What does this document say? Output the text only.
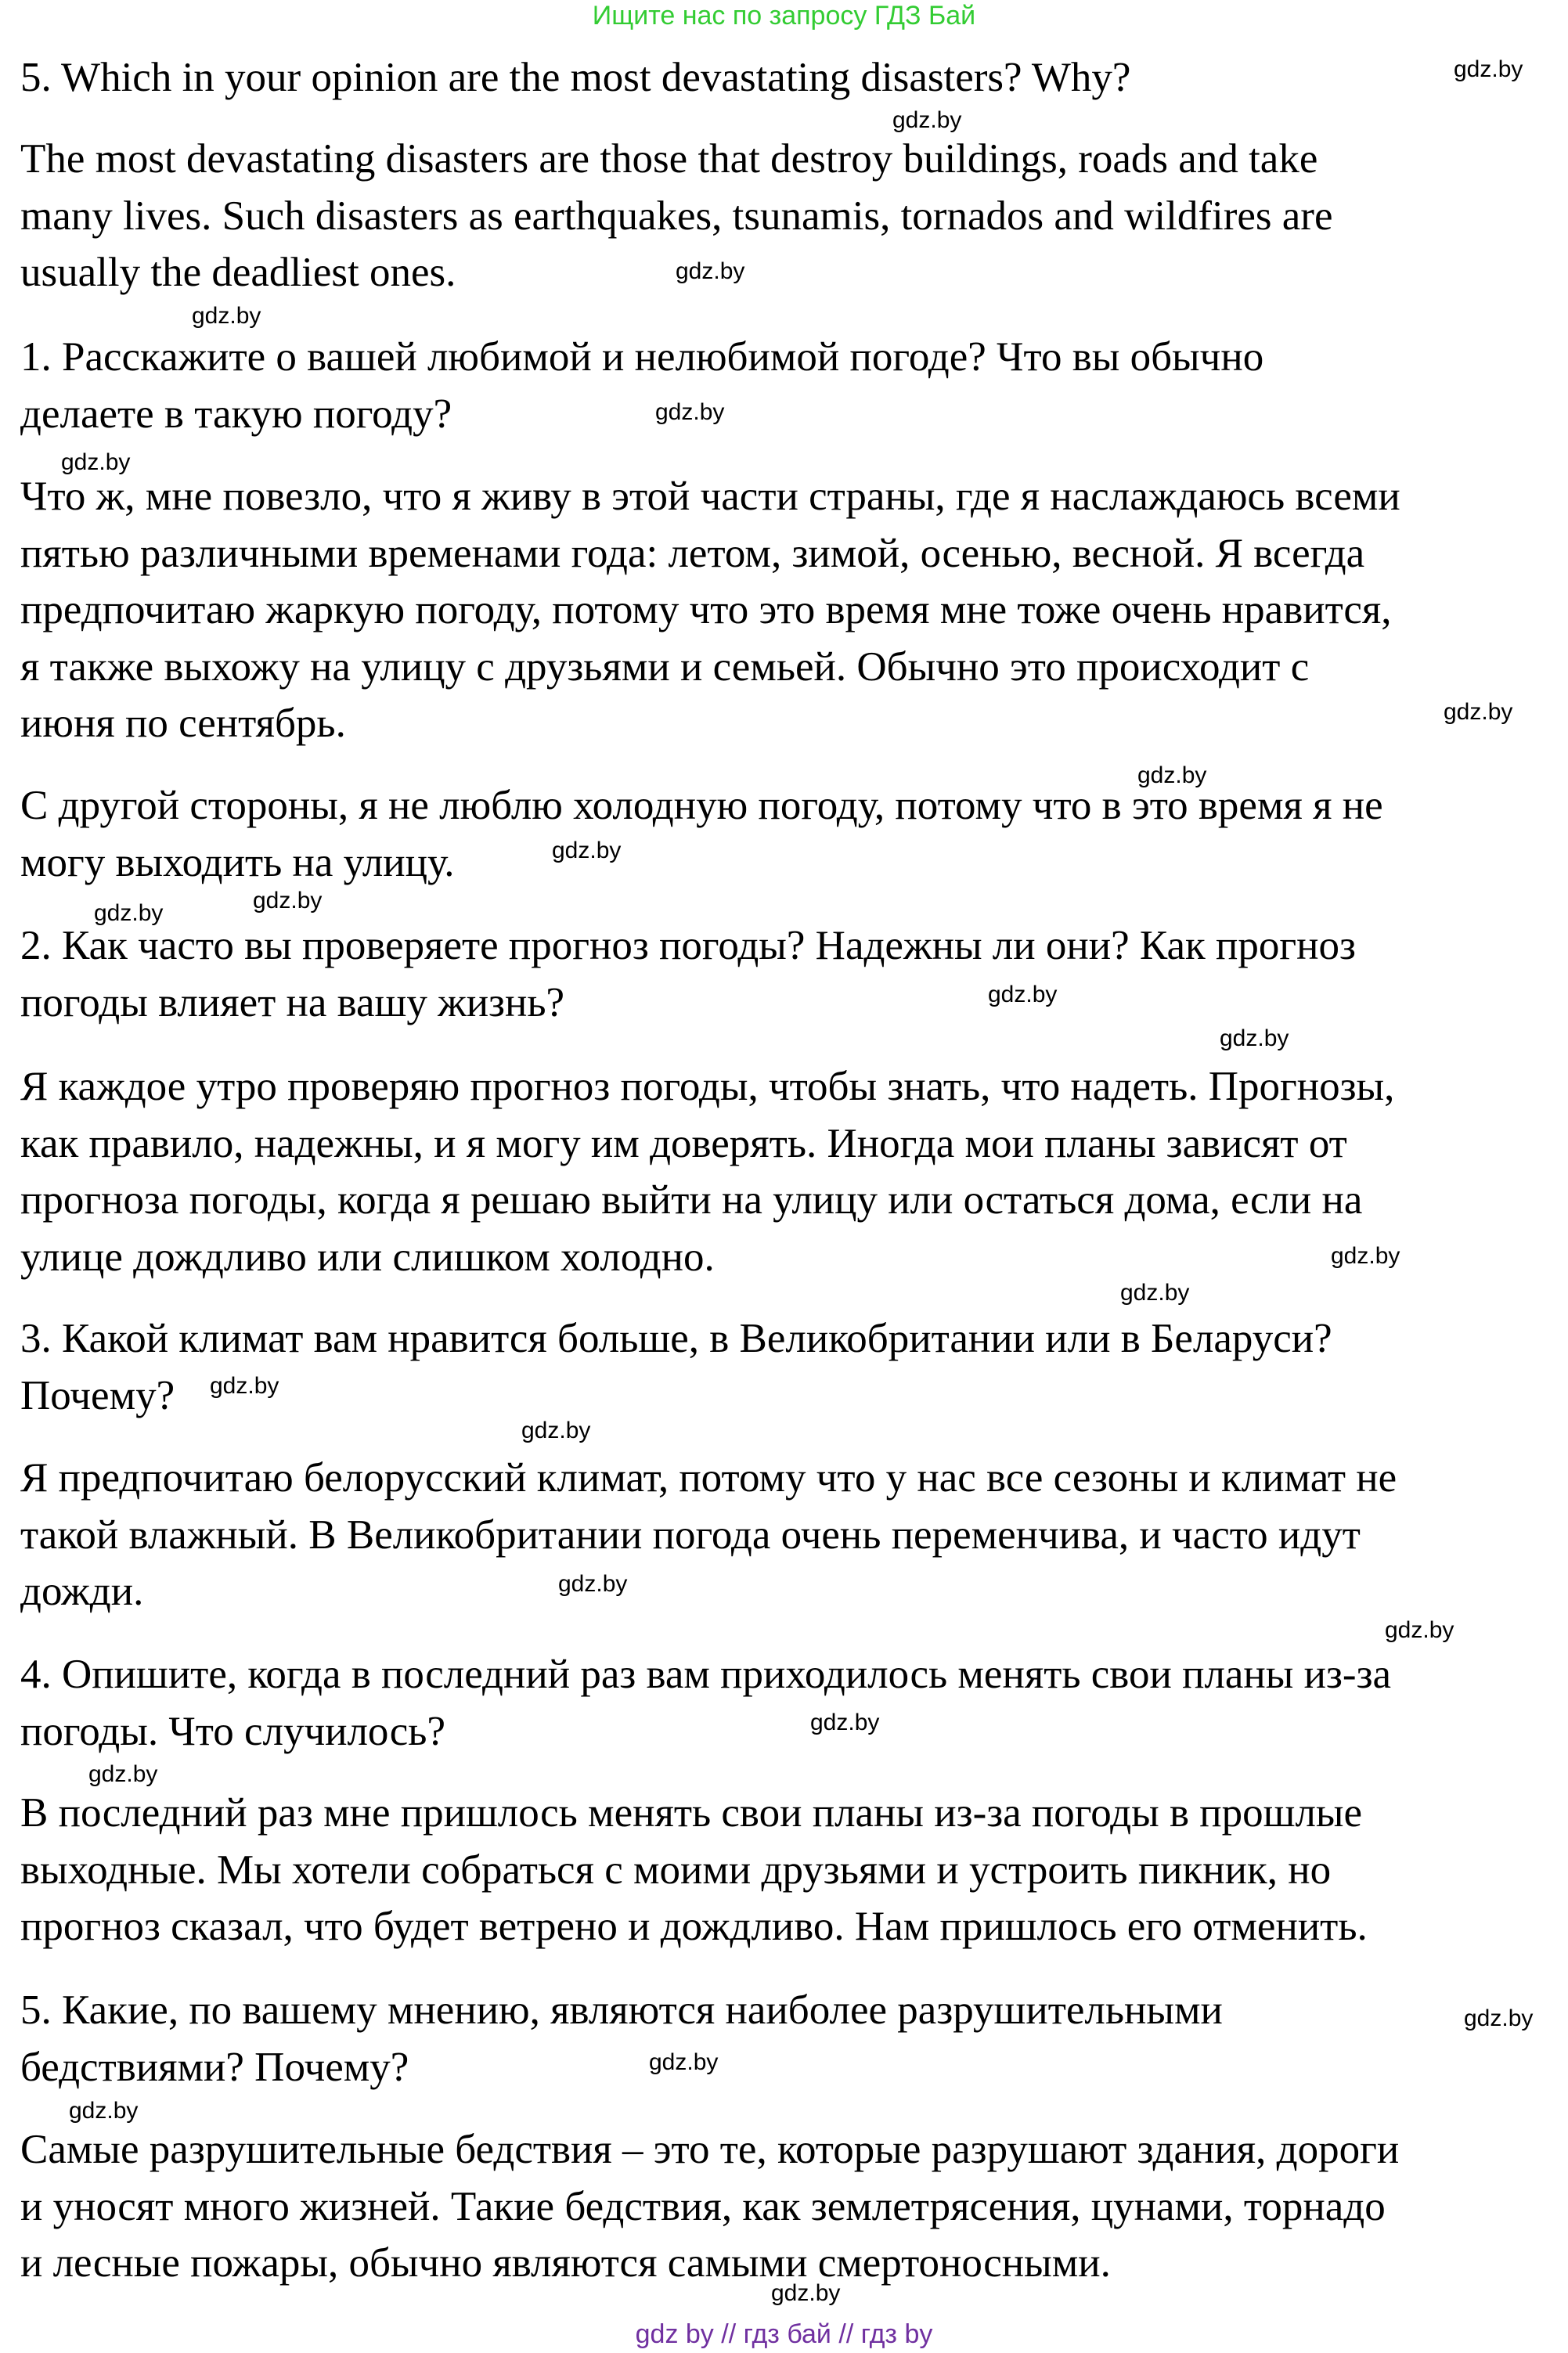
Ищите нас по запросу ГДЗ Бай
5. Which in your opinion are the most devastating disasters? Why?
The most devastating disasters are those that destroy buildings, roads and take
many lives. Such disasters as earthquakes, tsunamis, tornados and wildfires are
usually the deadliest ones.
1. Расскажите о вашей любимой и нелюбимой погоде? Что вы обычно
делаете в такую погоду?
Что ж, мне повезло, что я живу в этой части страны, где я наслаждаюсь всеми
пятью различными временами года: летом, зимой, осенью, весной. Я всегда
предпочитаю жаркую погоду, потому что это время мне тоже очень нравится,
я также выхожу на улицу с друзьями и семьей. Обычно это происходит с
июня по сентябрь.
С другой стороны, я не люблю холодную погоду, потому что в это время я не
могу выходить на улицу.
2. Как часто вы проверяете прогноз погоды? Надежны ли они? Как прогноз
погоды влияет на вашу жизнь?
Я каждое утро проверяю прогноз погоды, чтобы знать, что надеть. Прогнозы,
как правило, надежны, и я могу им доверять. Иногда мои планы зависят от
прогноза погоды, когда я решаю выйти на улицу или остаться дома, если на
улице дождливо или слишком холодно.
3. Какой климат вам нравится больше, в Великобритании или в Беларуси?
Почему?
Я предпочитаю белорусский климат, потому что у нас все сезоны и климат не
такой влажный. В Великобритании погода очень переменчива, и часто идут
дожди.
4. Опишите, когда в последний раз вам приходилось менять свои планы из-за
погоды. Что случилось?
В последний раз мне пришлось менять свои планы из-за погоды в прошлые
выходные. Мы хотели собраться с моими друзьями и устроить пикник, но
прогноз сказал, что будет ветрено и дождливо. Нам пришлось его отменить.
5. Какие, по вашему мнению, являются наиболее разрушительными
бедствиями? Почему?
Самые разрушительные бедствия – это те, которые разрушают здания, дороги
и уносят много жизней. Такие бедствия, как землетрясения, цунами, торнадо
и лесные пожары, обычно являются самыми смертоносными.
gdz.by
gdz.by
gdz.by
gdz.by
gdz.by
gdz.by
gdz.by
gdz.by
gdz.by
gdz.by
gdz.by
gdz.by
gdz.by
gdz.by
gdz.by
gdz.by
gdz.by
gdz.by
gdz.by
gdz.by
gdz.by
gdz.by
gdz.by
gdz.by
gdz by // гдз бай // гдз by
gdz.by
